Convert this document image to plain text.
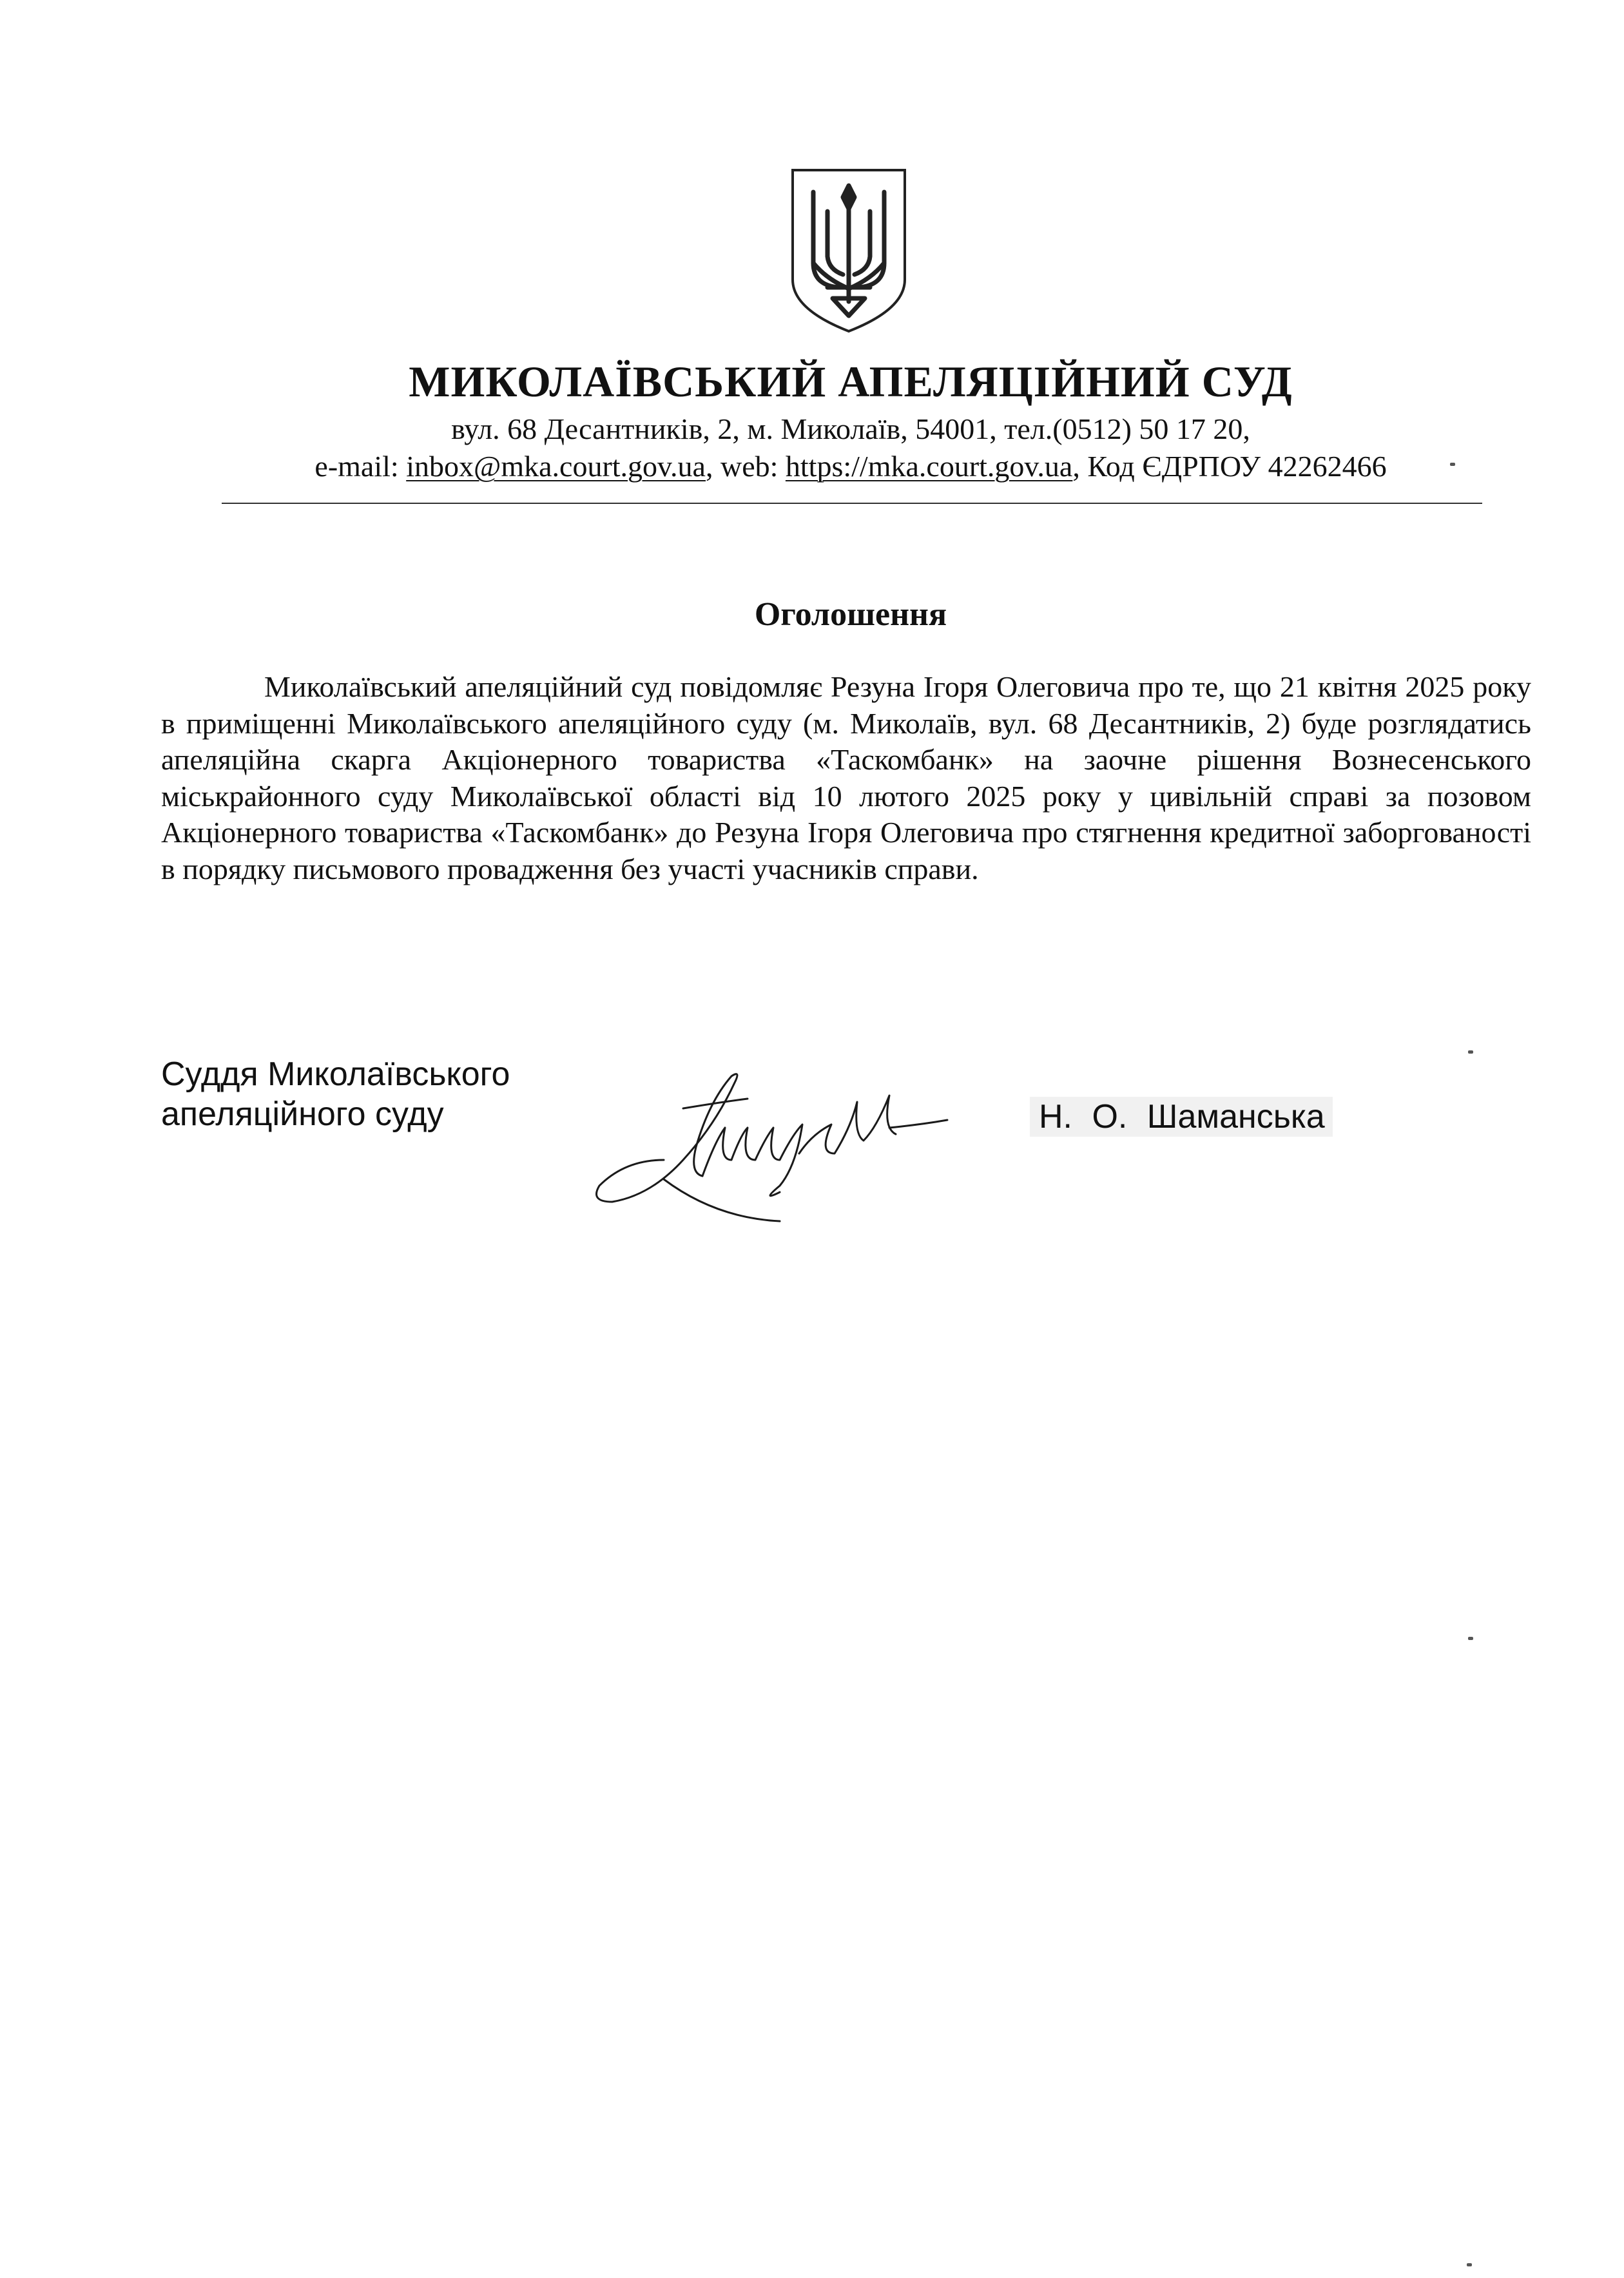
МИКОЛАЇВСЬКИЙ АПЕЛЯЦІЙНИЙ СУД
вул. 68 Десантників, 2, м. Миколаїв, 54001, тел.(0512) 50 17 20,
e-mail: inbox@mka.court.gov.ua, web: https://mka.court.gov.ua, Код ЄДРПОУ 42262466
Оголошення

Миколаївський апеляційний суд повідомляє Резуна Ігоря Олеговича про те, що 21 квітня 2025 року в приміщенні Миколаївського апеляційного суду (м. Миколаїв, вул. 68 Десантників, 2) буде розглядатись апеляційна скарга Акціонерного товариства «Таскомбанк» на заочне рішення Вознесенського міськрайонного суду Миколаївської області від 10 лютого 2025 року у цивільній справі за позовом Акціонерного товариства «Таскомбанк» до Резуна Ігоря Олеговича про стягнення кредитної заборгованості в порядку письмового провадження без участі учасників справи.

Суддя Миколаївського
апеляційного суду	Н. О. Шаманська
